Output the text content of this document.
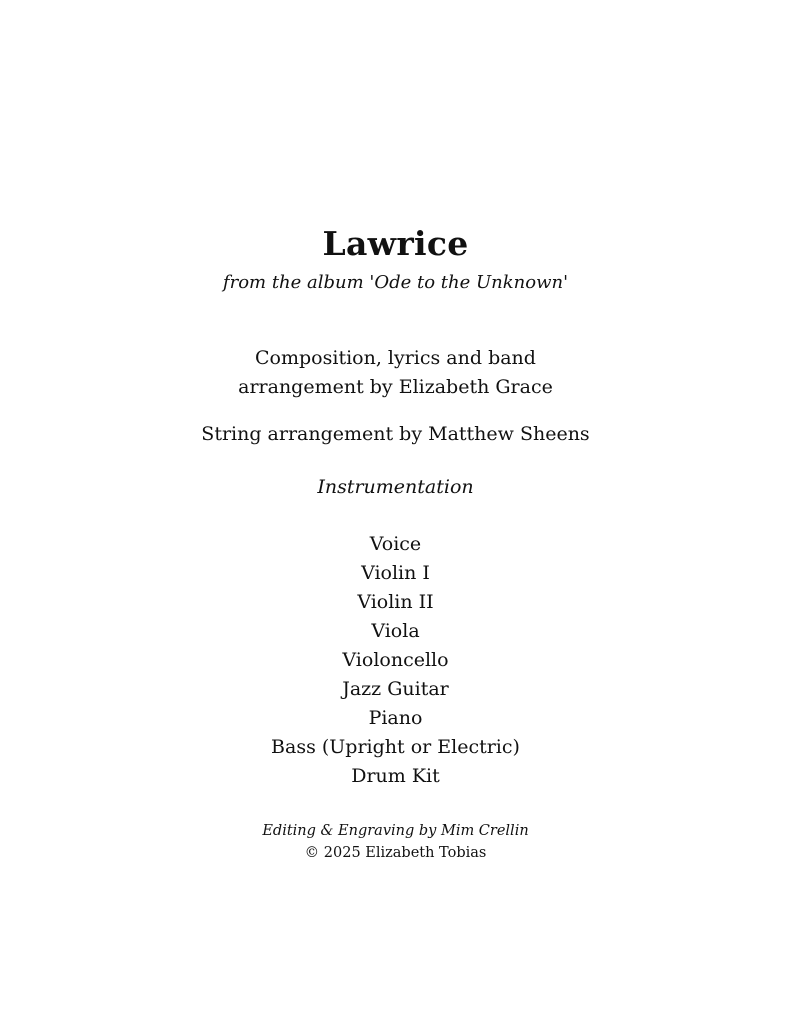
Lawrice
from the album 'Ode to the Unknown'
Composition, lyrics and band
arrangement by Elizabeth Grace
String arrangement by Matthew Sheens
Instrumentation
Voice
Violin I
Violin II
Viola
Violoncello
Jazz Guitar
Piano
Bass (Upright or Electric)
Drum Kit
Editing & Engraving by Mim Crellin
© 2025 Elizabeth Tobias
